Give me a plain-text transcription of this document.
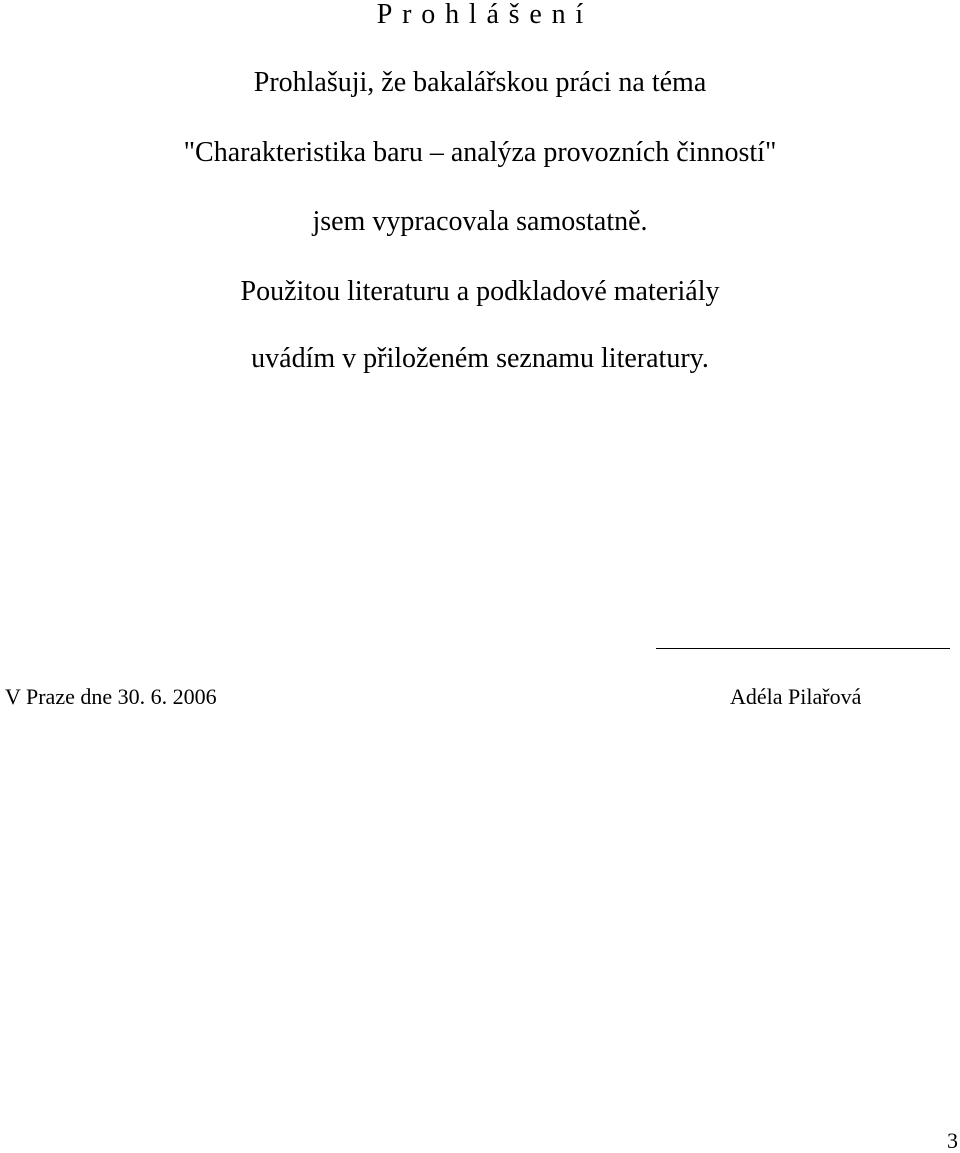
Prohlášení
Prohlašuji, že bakalářskou práci na téma
"Charakteristika baru – analýza provozních činností"
jsem vypracovala samostatně.
Použitou literaturu a podkladové materiály
uvádím v přiloženém seznamu literatury.
V Praze dne 30. 6. 2006	Adéla Pilařová
3
